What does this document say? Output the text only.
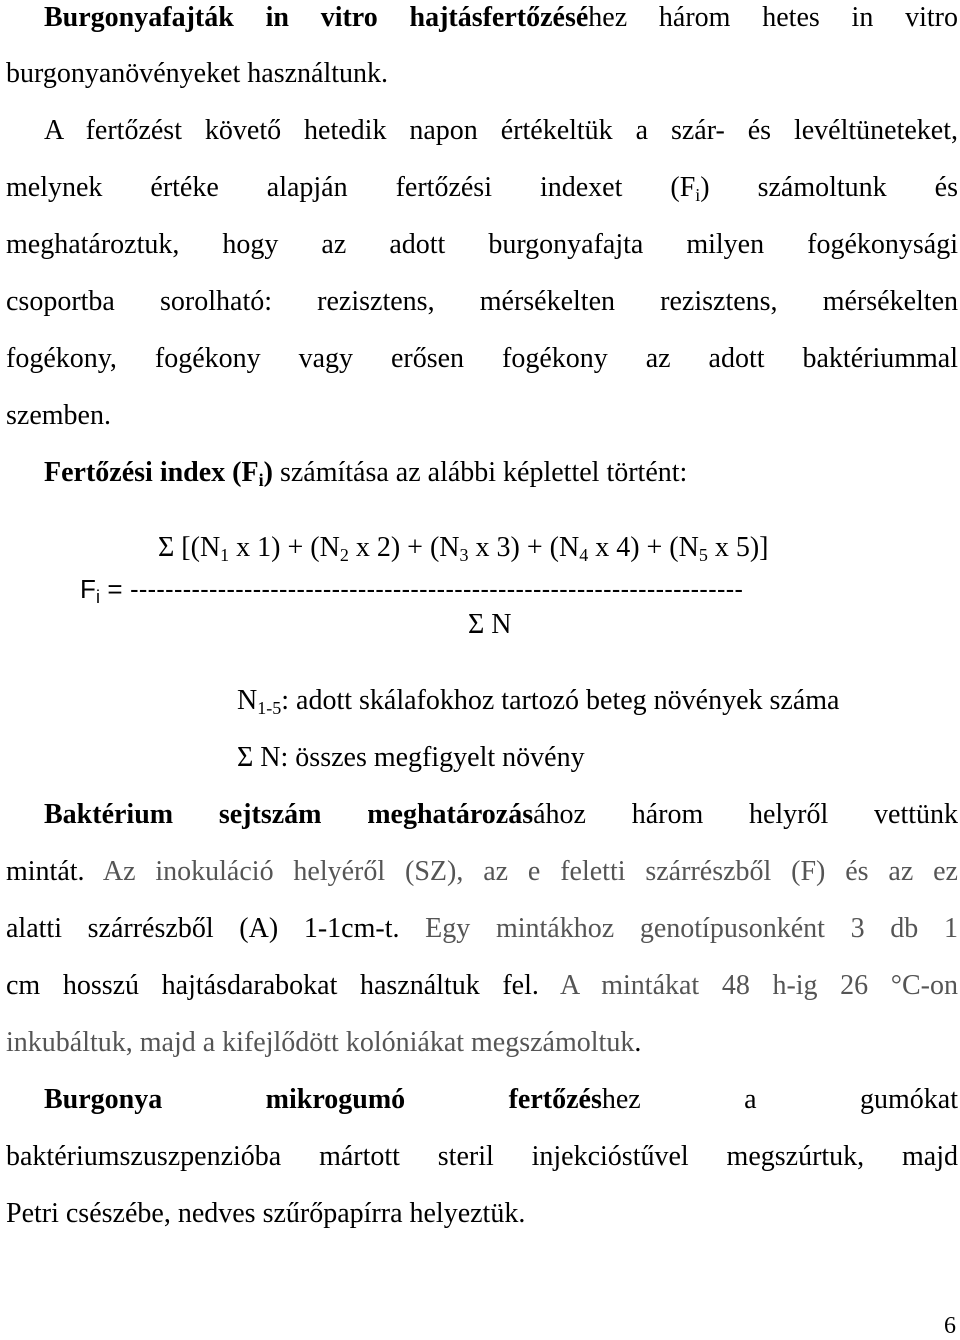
Burgonyafajták in vitro hajtásfertőzéséhez három hetes in vitro
burgonyanövényeket használtunk.
A fertőzést követő hetedik napon értékeltük a szár- és levéltüneteket,
melynek értéke alapján fertőzési indexet $(F_i)$ számoltunk és
meghatároztuk, hogy az adott burgonyafajta milyen fogékonysági
csoportba sorolható: rezisztens, mérsékelten rezisztens, mérsékelten
fogékony, fogékony vagy erősen fogékony az adott baktériummal
szemben.
Fertőzési index $(F_i)$ számítása az alábbi képlettel történt:
Σ [($N_1$ x $1) + (N_2$ x $2) + (N_3$ x $3) + (N_4$ x $4) + (N_5$ x 5)]
$F_i$ = ----------------------------------------------------------------------
Σ N
$N_{1-5}$: adott skálafokhoz tartozó beteg növények száma
Σ N: összes megfigyelt növény
Baktérium sejtszám meghatározásához három helyről vettünk
mintát. Az inokuláció helyéről (SZ), az e feletti szárrészből (F) és az ez
alatti szárrészből (A) 1-1cm-t. Egy mintákhoz genotípusonként 3 db 1
cm hosszú hajtásdarabokat használtuk fel. A mintákat 48 h-ig 26 °C-on
inkubáltuk, majd a kifejlődött kolóniákat megszámoltuk.
Burgonya	mikrogumó	fertőzéshez	a	gumókat
baktériumszuszpenzióba mártott steril injekcióstűvel megszúrtuk, majd
Petri csészébe, nedves szűrőpapírra helyeztük.
6
